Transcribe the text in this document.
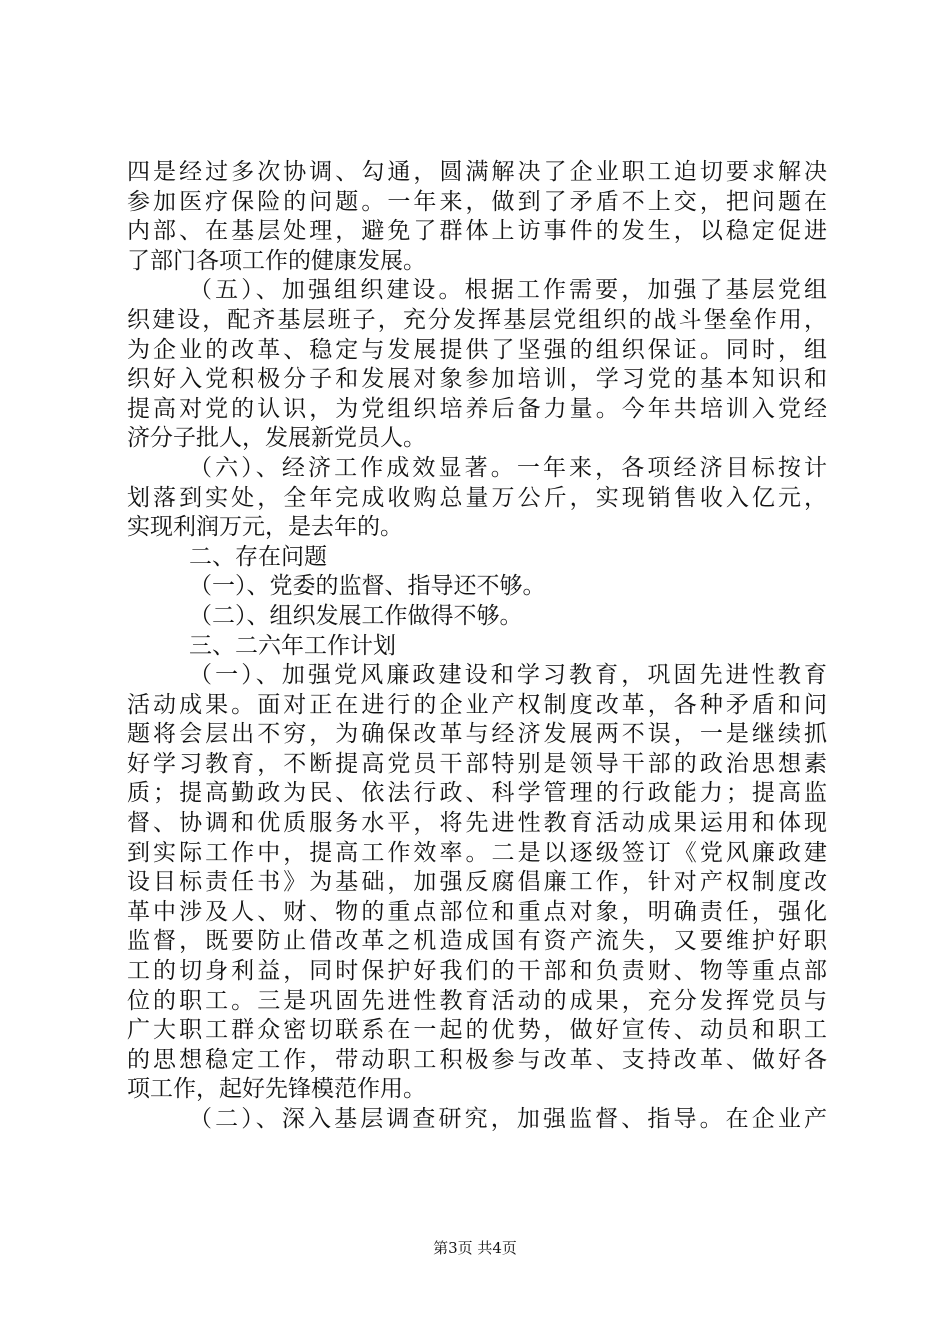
四是经过多次协调、勾通，圆满解决了企业职工迫切要求解决
参加医疗保险的问题。一年来，做到了矛盾不上交，把问题在
内部、在基层处理，避免了群体上访事件的发生，以稳定促进
了部门各项工作的健康发展。
（五）、加强组织建设。根据工作需要，加强了基层党组
织建设，配齐基层班子，充分发挥基层党组织的战斗堡垒作用，
为企业的改革、稳定与发展提供了坚强的组织保证。同时，组
织好入党积极分子和发展对象参加培训，学习党的基本知识和
提高对党的认识，为党组织培养后备力量。今年共培训入党经
济分子批人，发展新党员人。
（六）、经济工作成效显著。一年来，各项经济目标按计
划落到实处，全年完成收购总量万公斤，实现销售收入亿元，
实现利润万元，是去年的。
二、存在问题
（一）、党委的监督、指导还不够。
（二）、组织发展工作做得不够。
三、二六年工作计划
（一）、加强党风廉政建设和学习教育，巩固先进性教育
活动成果。面对正在进行的企业产权制度改革，各种矛盾和问
题将会层出不穷，为确保改革与经济发展两不误，一是继续抓
好学习教育，不断提高党员干部特别是领导干部的政治思想素
质；提高勤政为民、依法行政、科学管理的行政能力；提高监
督、协调和优质服务水平，将先进性教育活动成果运用和体现
到实际工作中，提高工作效率。二是以逐级签订《党风廉政建
设目标责任书》为基础，加强反腐倡廉工作，针对产权制度改
革中涉及人、财、物的重点部位和重点对象，明确责任，强化
监督，既要防止借改革之机造成国有资产流失，又要维护好职
工的切身利益，同时保护好我们的干部和负责财、物等重点部
位的职工。三是巩固先进性教育活动的成果，充分发挥党员与
广大职工群众密切联系在一起的优势，做好宣传、动员和职工
的思想稳定工作，带动职工积极参与改革、支持改革、做好各
项工作，起好先锋模范作用。
（二）、深入基层调查研究，加强监督、指导。在企业产
第3页 共4页
